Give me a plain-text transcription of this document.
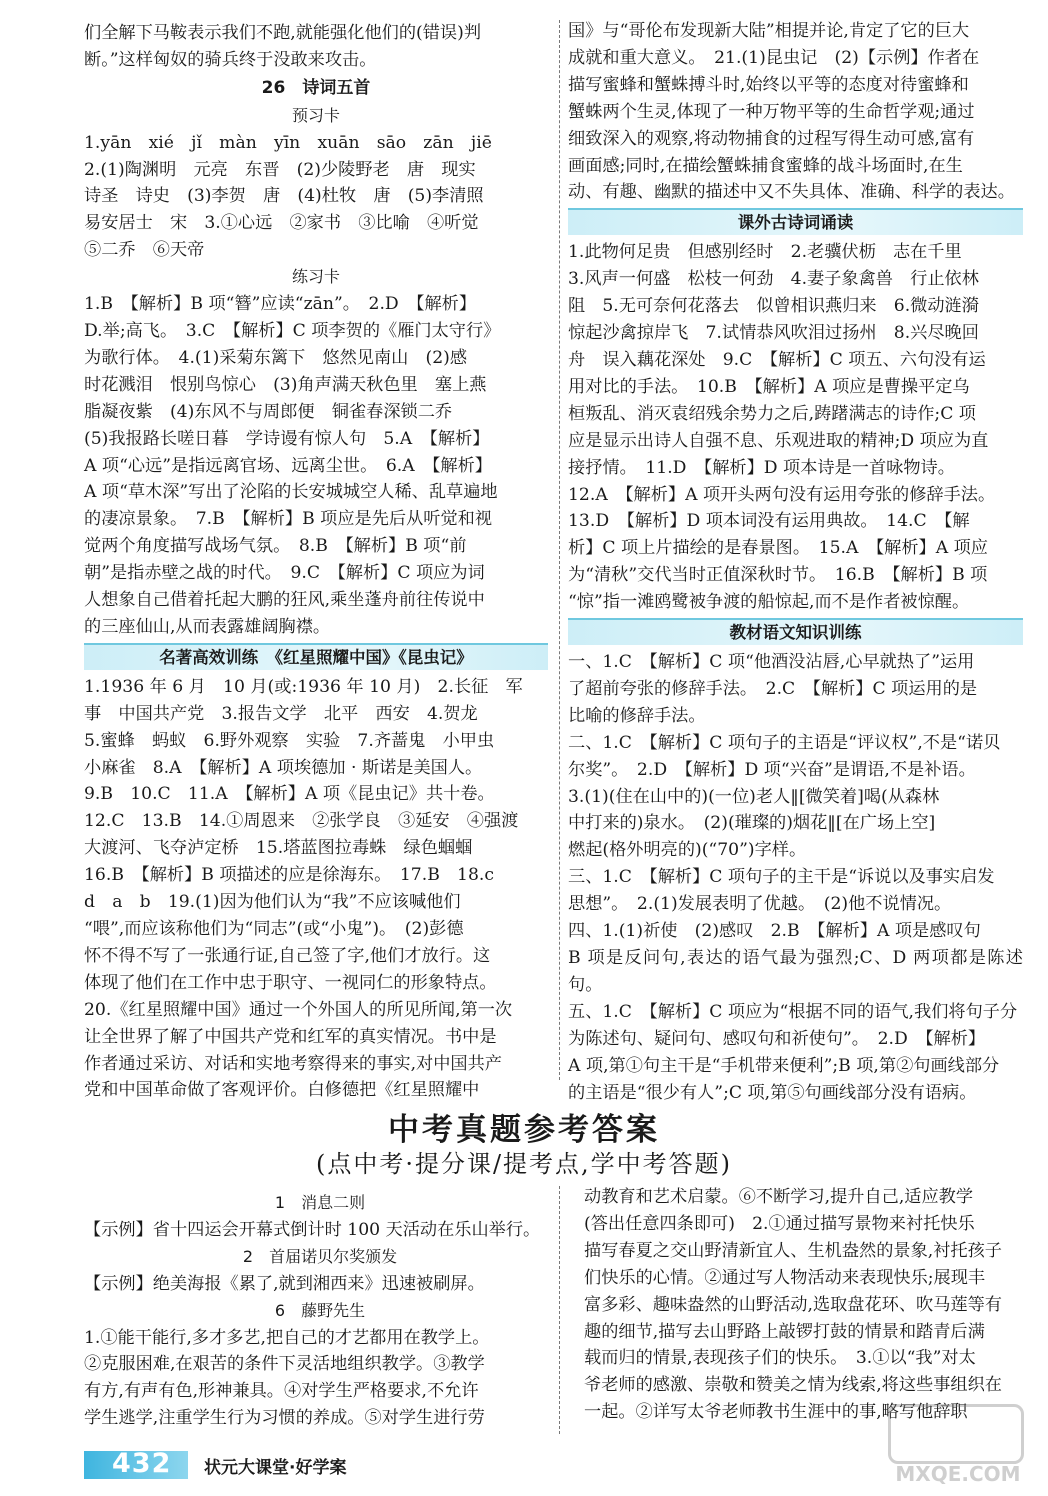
们全解下马鞍表示我们不跑,就能强化他们的(错误)判

断。”这样匈奴的骑兵终于没敢来攻击。

26　诗词五首
预习卡

1.yān　xié　jǐ　màn　yīn　xuān　sāo　zān　jiē

2.(1)陶渊明　元亮　东晋　(2)少陵野老　唐　现实

诗圣　诗史　(3)李贺　唐　(4)杜牧　唐　(5)李清照

易安居士　宋　3.①心远　②家书　③比喻　④听觉

⑤二乔　⑥天帝

练习卡

1.B　【解析】B 项“簪”应读“zān”。　2.D　【解析】

D.举;高飞。　3.C　【解析】C 项李贺的《雁门太守行》

为歌行体。　4.(1)采菊东篱下　悠然见南山　(2)感

时花溅泪　恨别鸟惊心　(3)角声满天秋色里　塞上燕

脂凝夜紫　(4)东风不与周郎便　铜雀春深锁二乔

(5)我报路长嗟日暮　学诗谩有惊人句　5.A　【解析】

A 项“心远”是指远离官场、远离尘世。　6.A　【解析】

A 项“草木深”写出了沦陷的长安城城空人稀、乱草遍地

的凄凉景象。　7.B　【解析】B 项应是先后从听觉和视

觉两个角度描写战场气氛。　8.B　【解析】B 项“前

朝”是指赤壁之战的时代。　9.C　【解析】C 项应为词

人想象自己借着托起大鹏的狂风,乘坐蓬舟前往传说中

的三座仙山,从而表露雄阔胸襟。

名著高效训练　《红星照耀中国》《昆虫记》

1.1936 年 6 月　10 月(或:1936 年 10 月)　2.长征　军

事　中国共产党　3.报告文学　北平　西安　4.贺龙

5.蜜蜂　蚂蚁　6.野外观察　实验　7.齐蔷鬼　小甲虫

小麻雀　8.A　【解析】A 项埃德加 · 斯诺是美国人。

9.B　10.C　11.A　【解析】A 项《昆虫记》共十卷。

12.C　13.B　14.①周恩来　②张学良　③延安　④强渡

大渡河、飞夺泸定桥　15.塔蓝图拉毒蛛　绿色蝈蝈

16.B　【解析】B 项描述的应是徐海东。　17.B　18.c

d　a　b　19.(1)因为他们认为“我”不应该喊他们

“喂”,而应该称他们为“同志”(或“小鬼”)。　(2)彭德

怀不得不写了一张通行证,自己签了字,他们才放行。这

体现了他们在工作中忠于职守、一视同仁的形象特点。

20.《红星照耀中国》通过一个外国人的所见所闻,第一次

让全世界了解了中国共产党和红军的真实情况。书中是

作者通过采访、对话和实地考察得来的事实,对中国共产

党和中国革命做了客观评价。白修德把《红星照耀中

国》与“哥伦布发现新大陆”相提并论,肯定了它的巨大

成就和重大意义。　21.(1)昆虫记　(2)【示例】作者在

描写蜜蜂和蟹蛛搏斗时,始终以平等的态度对待蜜蜂和

蟹蛛两个生灵,体现了一种万物平等的生命哲学观;通过

细致深入的观察,将动物捕食的过程写得生动可感,富有

画面感;同时,在描绘蟹蛛捕食蜜蜂的战斗场面时,在生

动、有趣、幽默的描述中又不失具体、准确、科学的表达。

课外古诗词诵读

1.此物何足贵　但感别经时　2.老骥伏枥　志在千里

3.风声一何盛　松枝一何劲　4.妻子象禽兽　行止依林

阻　5.无可奈何花落去　似曾相识燕归来　6.微动涟漪

惊起沙禽掠岸飞　7.试情恭风吹泪过扬州　8.兴尽晚回

舟　误入藕花深处　9.C　【解析】C 项五、六句没有运

用对比的手法。　10.B　【解析】A 项应是曹操平定乌

桓叛乱、消灭袁绍残余势力之后,踌躇满志的诗作;C 项

应是显示出诗人自强不息、乐观进取的精神;D 项应为直

接抒情。　11.D　【解析】D 项本诗是一首咏物诗。

12.A　【解析】A 项开头两句没有运用夸张的修辞手法。

13.D　【解析】D 项本词没有运用典故。　14.C　【解

析】C 项上片描绘的是春景图。　15.A　【解析】A 项应

为“清秋”交代当时正值深秋时节。　16.B　【解析】B 项

“惊”指一滩鸥鹭被争渡的船惊起,而不是作者被惊醒。

教材语文知识训练

一、1.C　【解析】C 项“他酒没沾唇,心早就热了”运用

了超前夸张的修辞手法。　2.C　【解析】C 项运用的是

比喻的修辞手法。

二、1.C　【解析】C 项句子的主语是“评议权”,不是“诺贝

尔奖”。　2.D　【解析】D 项“兴奋”是谓语,不是补语。

3.(1)(住在山中的)(一位)老人‖[微笑着]喝(从森林

中打来的)泉水。　(2)(璀璨的)烟花‖[在广场上空]

燃起(格外明亮的)(“70”)字样。

三、1.C　【解析】C 项句子的主干是“诉说以及事实启发

思想”。　2.(1)发展表明了优越。　(2)他不说情况。

四、1.(1)祈使　(2)感叹　2.B　【解析】A 项是感叹句

B 项是反问句,表达的语气最为强烈;C、D 两项都是陈述句。

五、1.C　【解析】C 项应为“根据不同的语气,我们将句子分

为陈述句、疑问句、感叹句和祈使句”。　2.D　【解析】

A 项,第①句主干是“手机带来便利”;B 项,第②句画线部分

的主语是“很少有人”;C 项,第⑤句画线部分没有语病。

中考真题参考答案
(点中考·提分课/提考点,学中考答题)
1　消息二则

【示例】省十四运会开幕式倒计时 100 天活动在乐山举行。

2　首届诺贝尔奖颁发

【示例】绝美海报《累了,就到湘西来》迅速被刷屏。

6　藤野先生

1.①能干能行,多才多艺,把自己的才艺都用在教学上。

②克服困难,在艰苦的条件下灵活地组织教学。③教学

有方,有声有色,形神兼具。④对学生严格要求,不允许

学生逃学,注重学生行为习惯的养成。⑤对学生进行劳

动教育和艺术启蒙。⑥不断学习,提升自己,适应教学

(答出任意四条即可)　2.①通过描写景物来衬托快乐

描写春夏之交山野清新宜人、生机盎然的景象,衬托孩子

们快乐的心情。②通过写人物活动来表现快乐;展现丰

富多彩、趣味盎然的山野活动,选取盘花环、吹马莲等有

趣的细节,描写去山野路上敲锣打鼓的情景和踏青后满

载而归的情景,表现孩子们的快乐。　3.①以“我”对太

爷老师的感激、崇敬和赞美之情为线索,将这些事组织在

一起。②详写太爷老师教书生涯中的事,略写他辞职

432 状元大课堂·好学案	MXQE.COM
